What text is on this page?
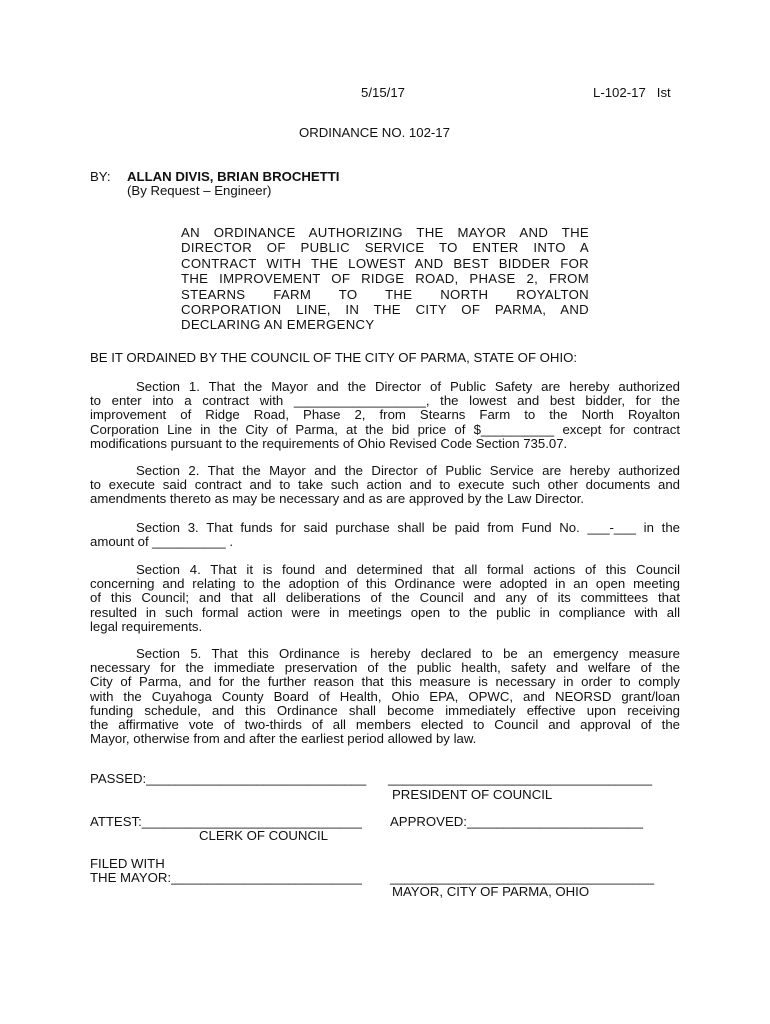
5/15/17	L-102-17   Ist
ORDINANCE NO. 102-17
BY: ALLAN DIVIS, BRIAN BROCHETTI
(By Request – Engineer)
AN ORDINANCE AUTHORIZING THE MAYOR AND THE
DIRECTOR OF PUBLIC SERVICE TO ENTER INTO A
CONTRACT WITH THE LOWEST AND BEST BIDDER FOR
THE IMPROVEMENT OF RIDGE ROAD, PHASE 2, FROM
STEARNS FARM TO THE NORTH ROYALTON
CORPORATION LINE, IN THE CITY OF PARMA, AND
DECLARING AN EMERGENCY
BE IT ORDAINED BY THE COUNCIL OF THE CITY OF PARMA, STATE OF OHIO:
Section 1. That the Mayor and the Director of Public Safety are hereby authorized
to enter into a contract with __________________, the lowest and best bidder, for the
improvement of Ridge Road, Phase 2, from Stearns Farm to the North Royalton
Corporation Line in the City of Parma, at the bid price of $__________ except for contract
modifications pursuant to the requirements of Ohio Revised Code Section 735.07.
Section 2. That the Mayor and the Director of Public Service are hereby authorized
to execute said contract and to take such action and to execute such other documents and
amendments thereto as may be necessary and as are approved by the Law Director.
Section 3. That funds for said purchase shall be paid from Fund No. ___-___ in the
amount of __________ .
Section 4. That it is found and determined that all formal actions of this Council
concerning and relating to the adoption of this Ordinance were adopted in an open meeting
of this Council; and that all deliberations of the Council and any of its committees that
resulted in such formal action were in meetings open to the public in compliance with all
legal requirements.
Section 5. That this Ordinance is hereby declared to be an emergency measure
necessary for the immediate preservation of the public health, safety and welfare of the
City of Parma, and for the further reason that this measure is necessary in order to comply
with the Cuyahoga County Board of Health, Ohio EPA, OPWC, and NEORSD grant/loan
funding schedule, and this Ordinance shall become immediately effective upon receiving
the affirmative vote of two-thirds of all members elected to Council and approval of the
Mayor, otherwise from and after the earliest period allowed by law.
PASSED:______________________________ ____________________________________
PRESIDENT OF COUNCIL
ATTEST:______________________________ APPROVED:________________________
CLERK OF COUNCIL
FILED WITH
THE MAYOR:__________________________ ____________________________________
MAYOR, CITY OF PARMA, OHIO
